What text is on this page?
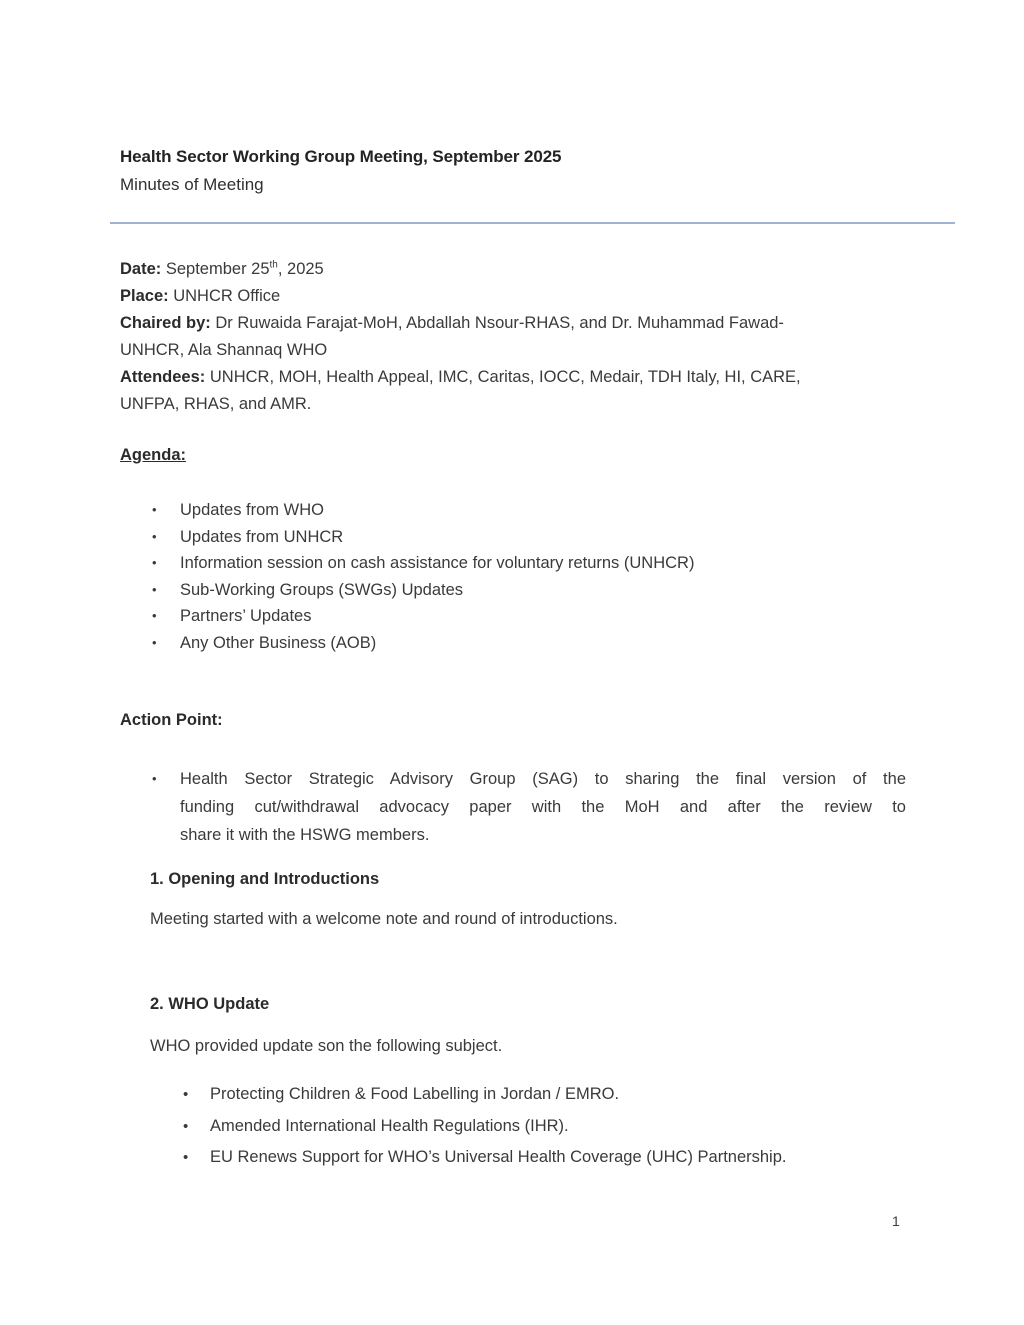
Health Sector Working Group Meeting, September 2025
Minutes of Meeting
Date: September 25th, 2025
Place: UNHCR Office
Chaired by: Dr Ruwaida Farajat-MoH, Abdallah Nsour-RHAS, and Dr. Muhammad Fawad-
UNHCR, Ala Shannaq WHO
Attendees: UNHCR, MOH, Health Appeal, IMC, Caritas, IOCC, Medair, TDH Italy, HI, CARE,
UNFPA, RHAS, and AMR.
Agenda:
•	Updates from WHO
•	Updates from UNHCR
•	Information session on cash assistance for voluntary returns (UNHCR)
•	Sub-Working Groups (SWGs) Updates
•	Partners’ Updates
•	Any Other Business (AOB)
Action Point:
•	Health Sector Strategic Advisory Group (SAG) to sharing the final version of the
funding cut/withdrawal advocacy paper with the MoH and after the review to
share it with the HSWG members.
1. Opening and Introductions
Meeting started with a welcome note and round of introductions.
2. WHO Update
WHO provided update son the following subject.
•	Protecting Children & Food Labelling in Jordan / EMRO.
•	Amended International Health Regulations (IHR).
•	EU Renews Support for WHO’s Universal Health Coverage (UHC) Partnership.
1
